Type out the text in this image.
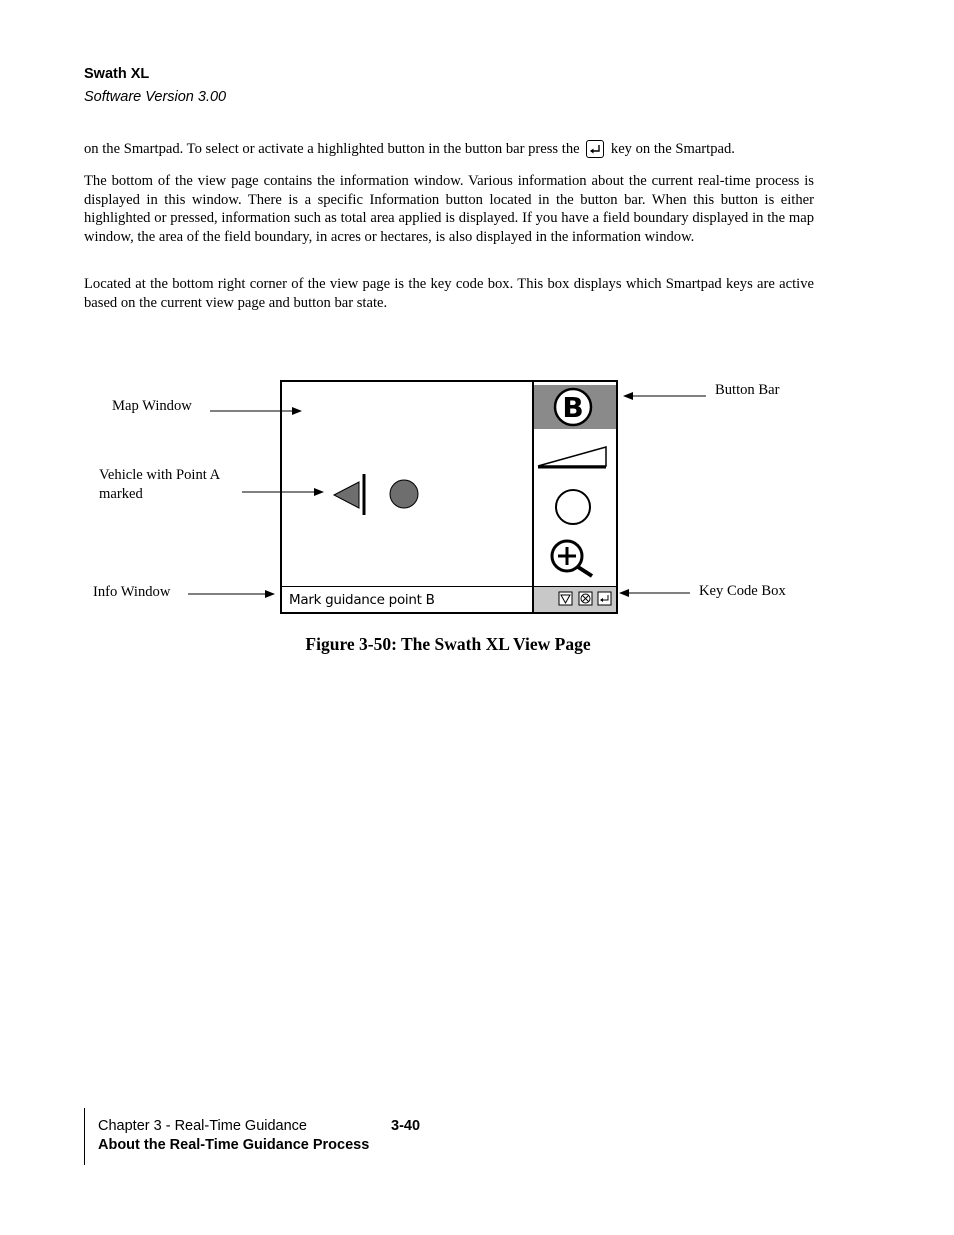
Swath XL
Software Version 3.00
on the Smartpad. To select or activate a highlighted button in the button bar press the key on the Smartpad.
The bottom of the view page contains the information window. Various information about the current real-time process is displayed in this window. There is a specific Information button located in the button bar. When this button is either highlighted or pressed, information such as total area applied is displayed. If you have a field boundary displayed in the map window, the area of the field boundary, in acres or hectares, is also displayed in the information window.
Located at the bottom right corner of the view page is the key code box. This box displays which Smartpad keys are active based on the current view page and button bar state.
Map Window
Vehicle with Point A marked
Info Window
Button Bar
Key Code Box
B
Mark guidance point B
Figure 3-50: The Swath XL View Page
Chapter 3 - Real-Time Guidance	3-40
About the Real-Time Guidance Process
